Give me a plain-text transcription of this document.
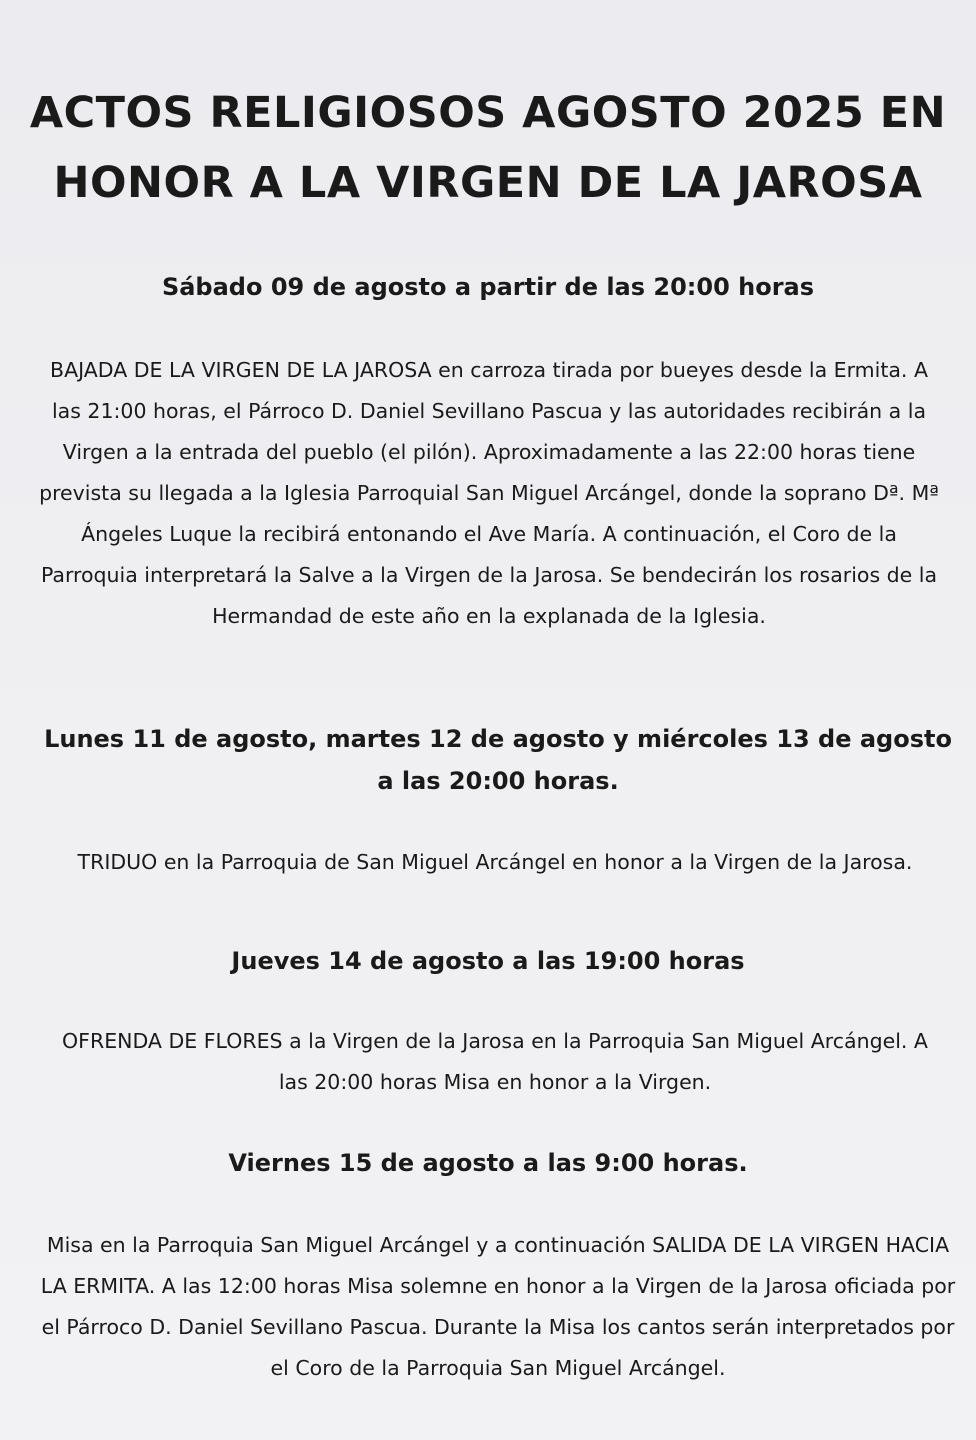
ACTOS RELIGIOSOS AGOSTO 2025 EN HONOR A LA VIRGEN DE LA JAROSA

Sábado 09 de agosto a partir de las 20:00 horas

BAJADA DE LA VIRGEN DE LA JAROSA en carroza tirada por bueyes desde la Ermita. A las 21:00 horas, el Párroco D. Daniel Sevillano Pascua y las autoridades recibirán a la Virgen a la entrada del pueblo (el pilón). Aproximadamente a las 22:00 horas tiene prevista su llegada a la Iglesia Parroquial San Miguel Arcángel, donde la soprano Dª. Mª Ángeles Luque la recibirá entonando el Ave María. A continuación, el Coro de la Parroquia interpretará la Salve a la Virgen de la Jarosa. Se bendecirán los rosarios de la Hermandad de este año en la explanada de la Iglesia.

Lunes 11 de agosto, martes 12 de agosto y miércoles 13 de agosto a las 20:00 horas.

TRIDUO en la Parroquia de San Miguel Arcángel en honor a la Virgen de la Jarosa.

Jueves 14 de agosto a las 19:00 horas

OFRENDA DE FLORES a la Virgen de la Jarosa en la Parroquia San Miguel Arcángel. A las 20:00 horas Misa en honor a la Virgen.

Viernes 15 de agosto a las 9:00 horas.

Misa en la Parroquia San Miguel Arcángel y a continuación SALIDA DE LA VIRGEN HACIA LA ERMITA. A las 12:00 horas Misa solemne en honor a la Virgen de la Jarosa oficiada por el Párroco D. Daniel Sevillano Pascua. Durante la Misa los cantos serán interpretados por el Coro de la Parroquia San Miguel Arcángel.
